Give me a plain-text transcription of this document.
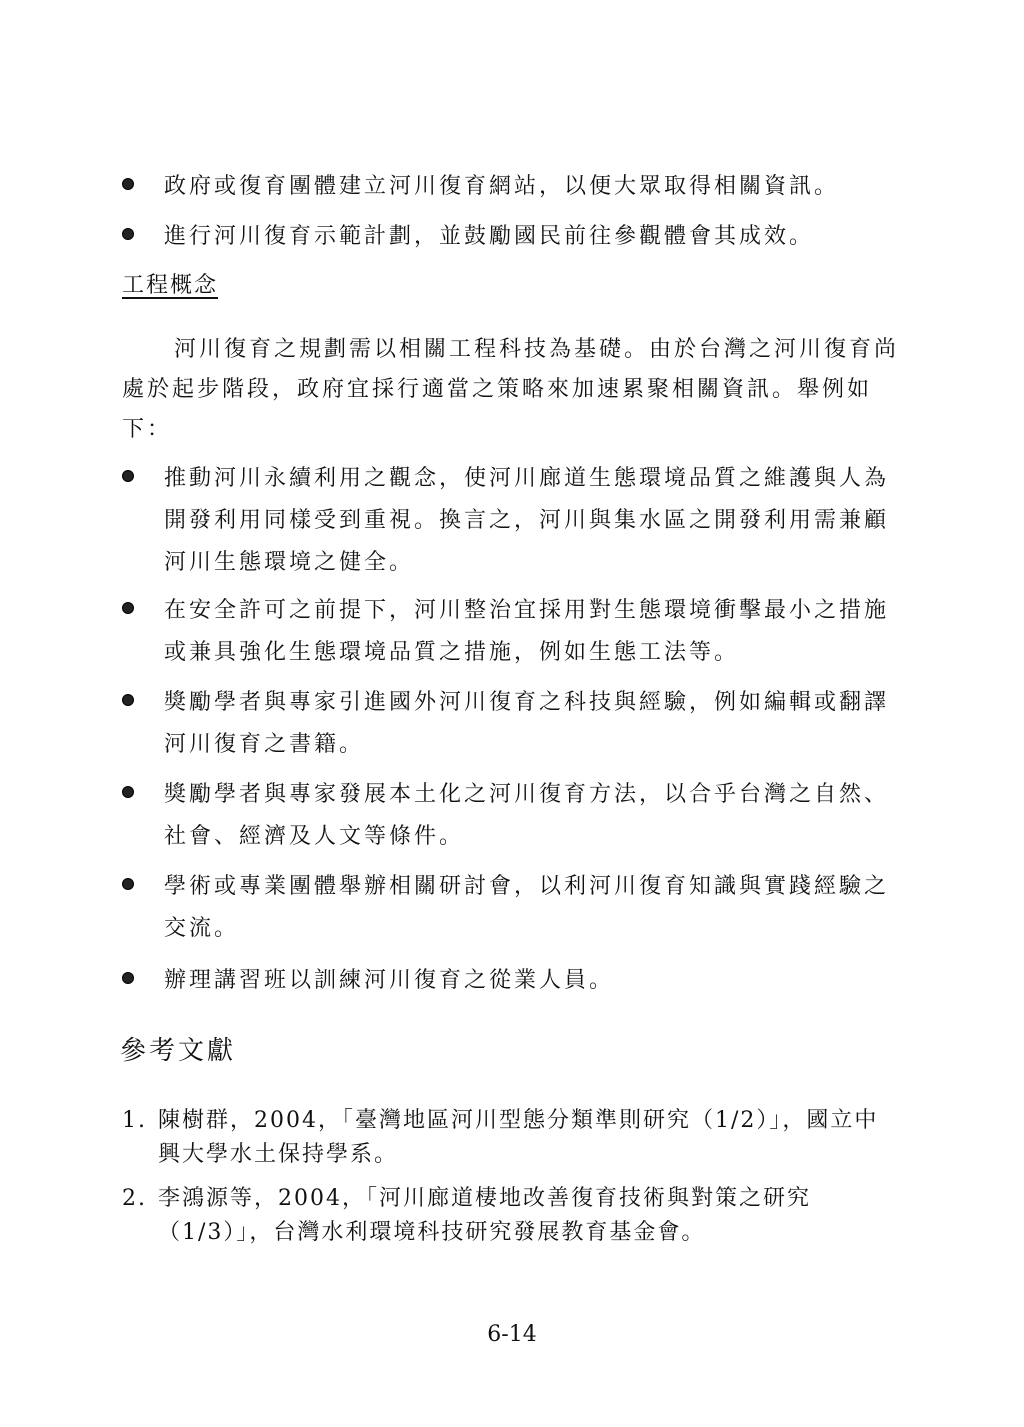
政府或復育團體建立河川復育網站，以便大眾取得相關資訊。
進行河川復育示範計劃，並鼓勵國民前往參觀體會其成效。
工程概念

河川復育之規劃需以相關工程科技為基礎。由於台灣之河川復育尚處於起步階段，政府宜採行適當之策略來加速累聚相關資訊。舉例如下：

推動河川永續利用之觀念，使河川廊道生態環境品質之維護與人為開發利用同樣受到重視。換言之，河川與集水區之開發利用需兼顧河川生態環境之健全。
在安全許可之前提下，河川整治宜採用對生態環境衝擊最小之措施或兼具強化生態環境品質之措施，例如生態工法等。
獎勵學者與專家引進國外河川復育之科技與經驗，例如編輯或翻譯河川復育之書籍。
獎勵學者與專家發展本土化之河川復育方法，以合乎台灣之自然、社會、經濟及人文等條件。
學術或專業團體舉辦相關研討會，以利河川復育知識與實踐經驗之交流。
辦理講習班以訓練河川復育之從業人員。
參考文獻
1. 陳樹群，2004，「臺灣地區河川型態分類準則研究（1/2）」，國立中興大學水土保持學系。
2. 李鴻源等，2004，「河川廊道棲地改善復育技術與對策之研究（1/3）」，台灣水利環境科技研究發展教育基金會。
6-14
